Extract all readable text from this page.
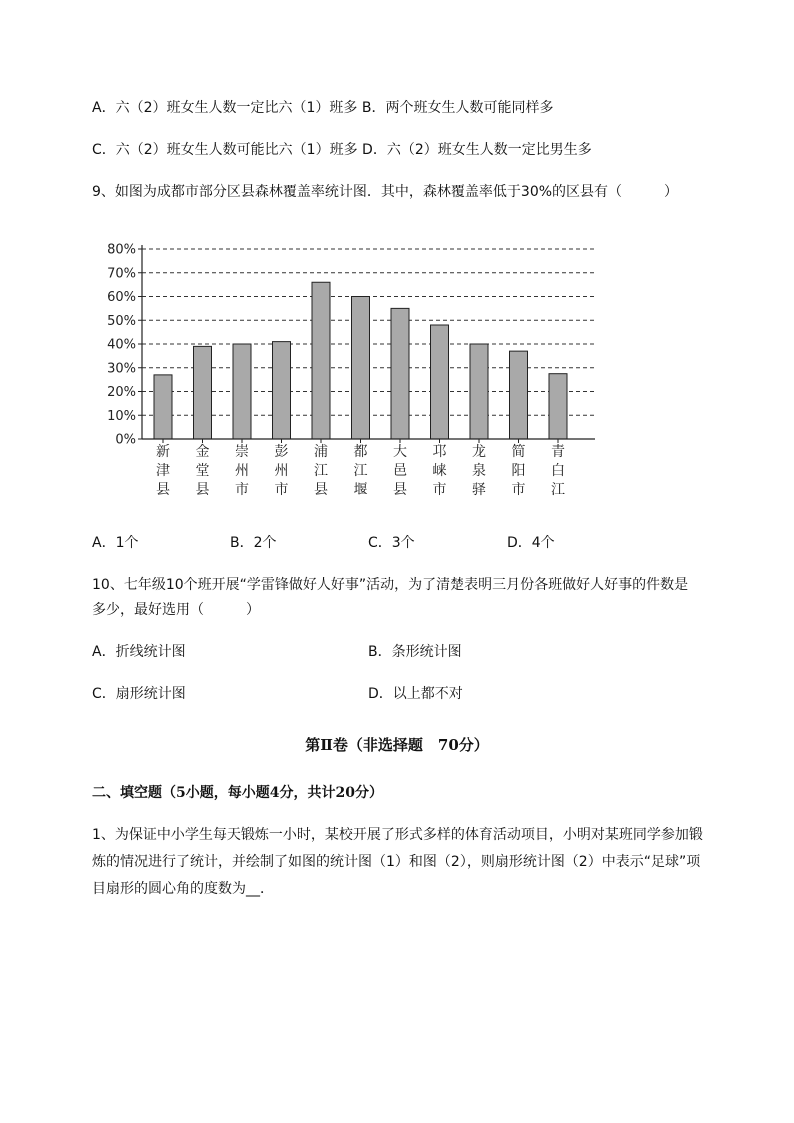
A．六（2）班女生人数一定比六（1）班多 B．两个班女生人数可能同样多
C．六（2）班女生人数可能比六（1）班多 D．六（2）班女生人数一定比男生多
9、如图为成都市部分区县森林覆盖率统计图．其中，森林覆盖率低于30%的区县有（　　　）
0%
10%
20%
30%
40%
50%
60%
70%
80%
新津县
金堂县
崇州市
彭州市
浦江县
都江堰
大邑县
邛崃市
龙泉驿
简阳市
青白江
A．1个	B．2个	C．3个	D．4个
10、七年级10个班开展“学雷锋做好人好事”活动，为了清楚表明三月份各班做好人好事的件数是
多少，最好选用（　　　）
A．折线统计图	B．条形统计图
C．扇形统计图	D．以上都不对
第Ⅱ卷（非选择题　70分）
二、填空题（5小题，每小题4分，共计20分）
1、为保证中小学生每天锻炼一小时，某校开展了形式多样的体育活动项目，小明对某班同学参加锻
炼的情况进行了统计，并绘制了如图的统计图（1）和图（2），则扇形统计图（2）中表示“足球”项
目扇形的圆心角的度数为__．
